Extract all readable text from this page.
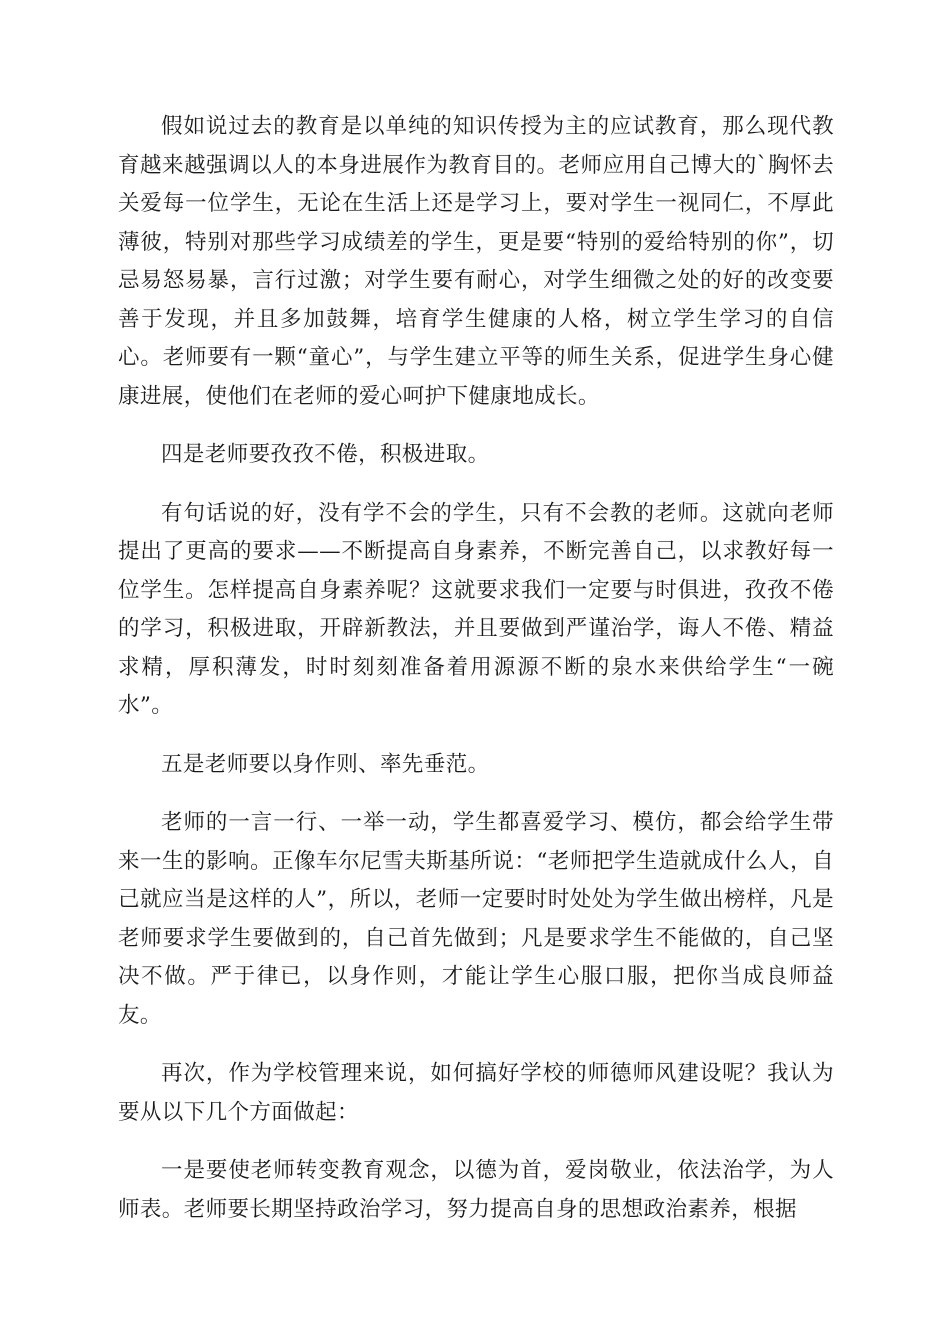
假如说过去的教育是以单纯的知识传授为主的应试教育，那么现代教育越来越强调以人的本身进展作为教育目的。老师应用自己博大的`胸怀去关爱每一位学生，无论在生活上还是学习上，要对学生一视同仁，不厚此薄彼，特别对那些学习成绩差的学生，更是要“特别的爱给特别的你”，切忌易怒易暴，言行过激；对学生要有耐心，对学生细微之处的好的改变要善于发现，并且多加鼓舞，培育学生健康的人格，树立学生学习的自信心。老师要有一颗“童心”，与学生建立平等的师生关系，促进学生身心健康进展，使他们在老师的爱心呵护下健康地成长。

四是老师要孜孜不倦，积极进取。

有句话说的好，没有学不会的学生，只有不会教的老师。这就向老师提出了更高的要求——不断提高自身素养，不断完善自己，以求教好每一位学生。怎样提高自身素养呢？这就要求我们一定要与时俱进，孜孜不倦的学习，积极进取，开辟新教法，并且要做到严谨治学，诲人不倦、精益求精，厚积薄发，时时刻刻准备着用源源不断的泉水来供给学生“一碗水”。

五是老师要以身作则、率先垂范。

老师的一言一行、一举一动，学生都喜爱学习、模仿，都会给学生带来一生的影响。正像车尔尼雪夫斯基所说：“老师把学生造就成什么人，自己就应当是这样的人”，所以，老师一定要时时处处为学生做出榜样，凡是老师要求学生要做到的，自己首先做到；凡是要求学生不能做的，自己坚决不做。严于律已，以身作则，才能让学生心服口服，把你当成良师益友。

再次，作为学校管理来说，如何搞好学校的师德师风建设呢？我认为要从以下几个方面做起：

一是要使老师转变教育观念，以德为首，爱岗敬业，依法治学，为人师表。老师要长期坚持政治学习，努力提高自身的思想政治素养，根据
